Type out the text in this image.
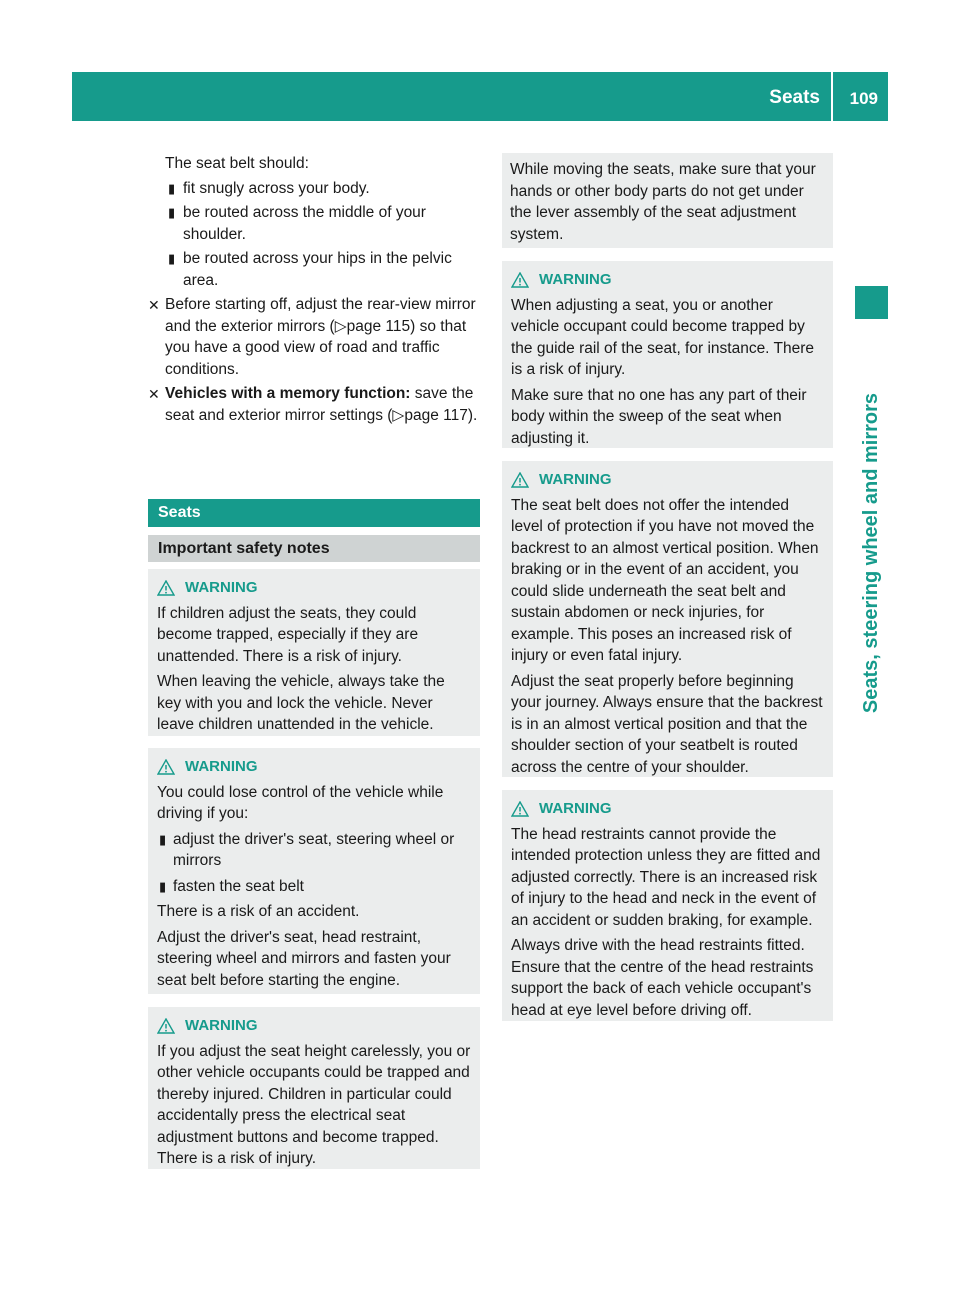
Seats 109
Seats, steering wheel and mirrors

The seat belt should:

▮ fit snugly across your body.
▮ be routed across the middle of your shoulder.
▮ be routed across your hips in the pelvic area.
✕ Before starting off, adjust the rear-view mirror and the exterior mirrors (▷page 115) so that you have a good view of road and traffic conditions.
✕ Vehicles with a memory function: save the seat and exterior mirror settings (▷page 117).
Seats
Important safety notes
WARNING

If children adjust the seats, they could become trapped, especially if they are unattended. There is a risk of injury.

When leaving the vehicle, always take the key with you and lock the vehicle. Never leave children unattended in the vehicle.

WARNING

You could lose control of the vehicle while driving if you:

▮ adjust the driver's seat, steering wheel or mirrors
▮ fasten the seat belt

There is a risk of an accident.

Adjust the driver's seat, head restraint, steering wheel and mirrors and fasten your seat belt before starting the engine.

WARNING

If you adjust the seat height carelessly, you or other vehicle occupants could be trapped and thereby injured. Children in particular could accidentally press the electrical seat adjustment buttons and become trapped. There is a risk of injury.

While moving the seats, make sure that your hands or other body parts do not get under the lever assembly of the seat adjustment system.

WARNING

When adjusting a seat, you or another vehicle occupant could become trapped by the guide rail of the seat, for instance. There is a risk of injury.

Make sure that no one has any part of their body within the sweep of the seat when adjusting it.

WARNING

The seat belt does not offer the intended level of protection if you have not moved the backrest to an almost vertical position. When braking or in the event of an accident, you could slide underneath the seat belt and sustain abdomen or neck injuries, for example. This poses an increased risk of injury or even fatal injury.

Adjust the seat properly before beginning your journey. Always ensure that the backrest is in an almost vertical position and that the shoulder section of your seatbelt is routed across the centre of your shoulder.

WARNING

The head restraints cannot provide the intended protection unless they are fitted and adjusted correctly. There is an increased risk of injury to the head and neck in the event of an accident or sudden braking, for example.

Always drive with the head restraints fitted. Ensure that the centre of the head restraints support the back of each vehicle occupant's head at eye level before driving off.
